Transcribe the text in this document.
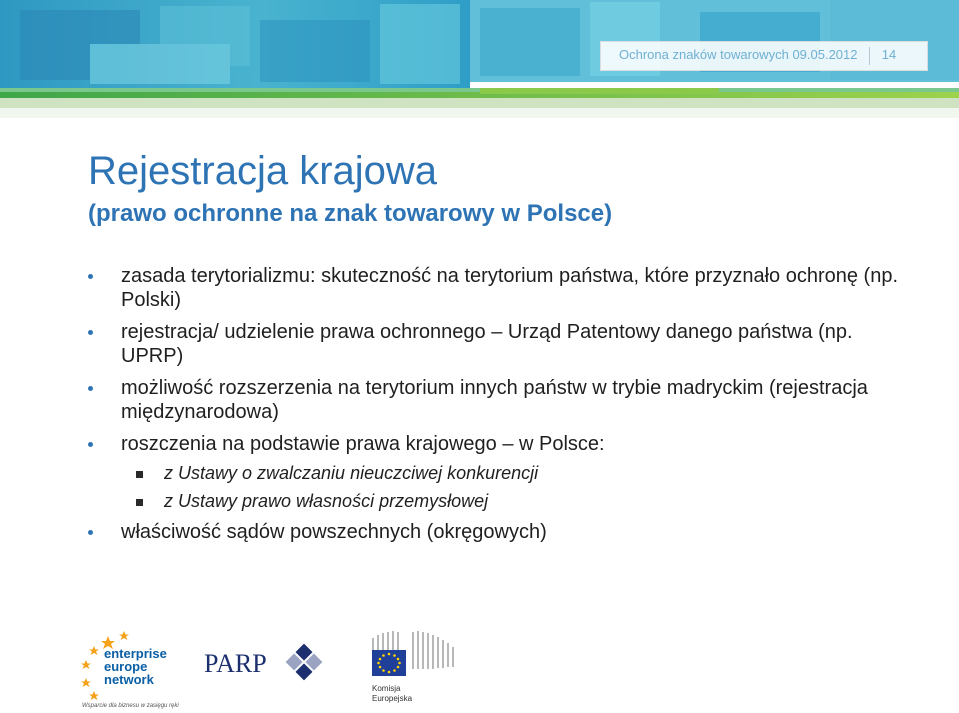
Ochrona znaków towarowych 09.05.2012 14
Rejestracja krajowa
(prawo ochronne na znak towarowy w Polsce)
zasada terytorializmu: skuteczność na terytorium państwa, które przyznało ochronę (np. Polski)
rejestracja/ udzielenie prawa ochronnego – Urząd Patentowy danego państwa (np. UPRP)
możliwość rozszerzenia na terytorium innych państw w trybie madryckim (rejestracja międzynarodowa)
roszczenia na podstawie prawa krajowego – w Polsce:
z Ustawy o zwalczaniu nieuczciwej konkurencji
z Ustawy prawo własności przemysłowej
właściwość sądów powszechnych (okręgowych)
enterprise
europe
network
Wsparcie dla biznesu w zasięgu ręki
PARP
Komisja
Europejska
